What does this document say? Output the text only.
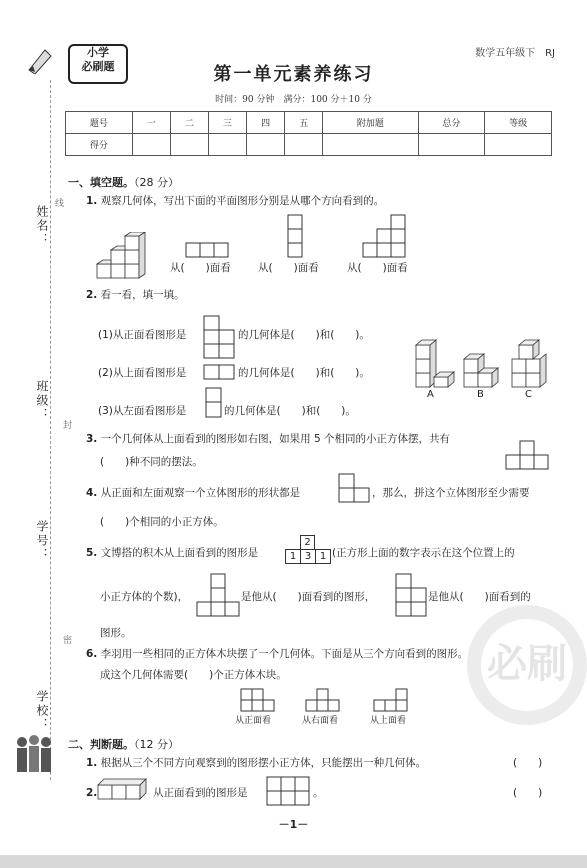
姓名：
线
班级：
封
学号：
密
学校：
小学
必刷题
数学五年级下　RJ
第一单元素养练习
时间：90 分钟　满分：100 分＋10 分
题号	一	二	三	四	五	附加题	总分	等级
得分								
一、填空题。（28 分）
1. 观察几何体，写出下面的平面图形分别是从哪个方向看到的。
从(　　)面看	从(　　)面看	从(　　)面看
2. 看一看，填一填。
(1)从正面看图形是	的几何体是(　　)和(　　)。
(2)从上面看图形是	的几何体是(　　)和(　　)。
(3)从左面看图形是	的几何体是(　　)和(　　)。
A	B	C
3. 一个几何体从上面看到的图形如右图，如果用 5 个相同的小正方体摆，共有
(　　)种不同的摆法。
4. 从正面和左面观察一个立体图形的形状都是	，那么，拼这个立体图形至少需要
(　　)个相同的小正方体。
5. 文博搭的积木从上面看到的图形是
2
1 3 1 (正方形上面的数字表示在这个位置上的
小正方体的个数)，	是他从(　　)面看到的图形，	是他从(　　)面看到的
图形。
6. 李羽用一些相同的正方体木块摆了一个几何体。下面是从三个方向看到的图形。搭
成这个几何体需要(　　)个正方体木块。
从正面看	从右面看	从上面看
二、判断题。（12 分）
1. 根据从三个不同方向观察到的图形摆小正方体，只能摆出一种几何体。	(　　)
2.	从正面看到的图形是	。	(　　)
必刷
－1－
